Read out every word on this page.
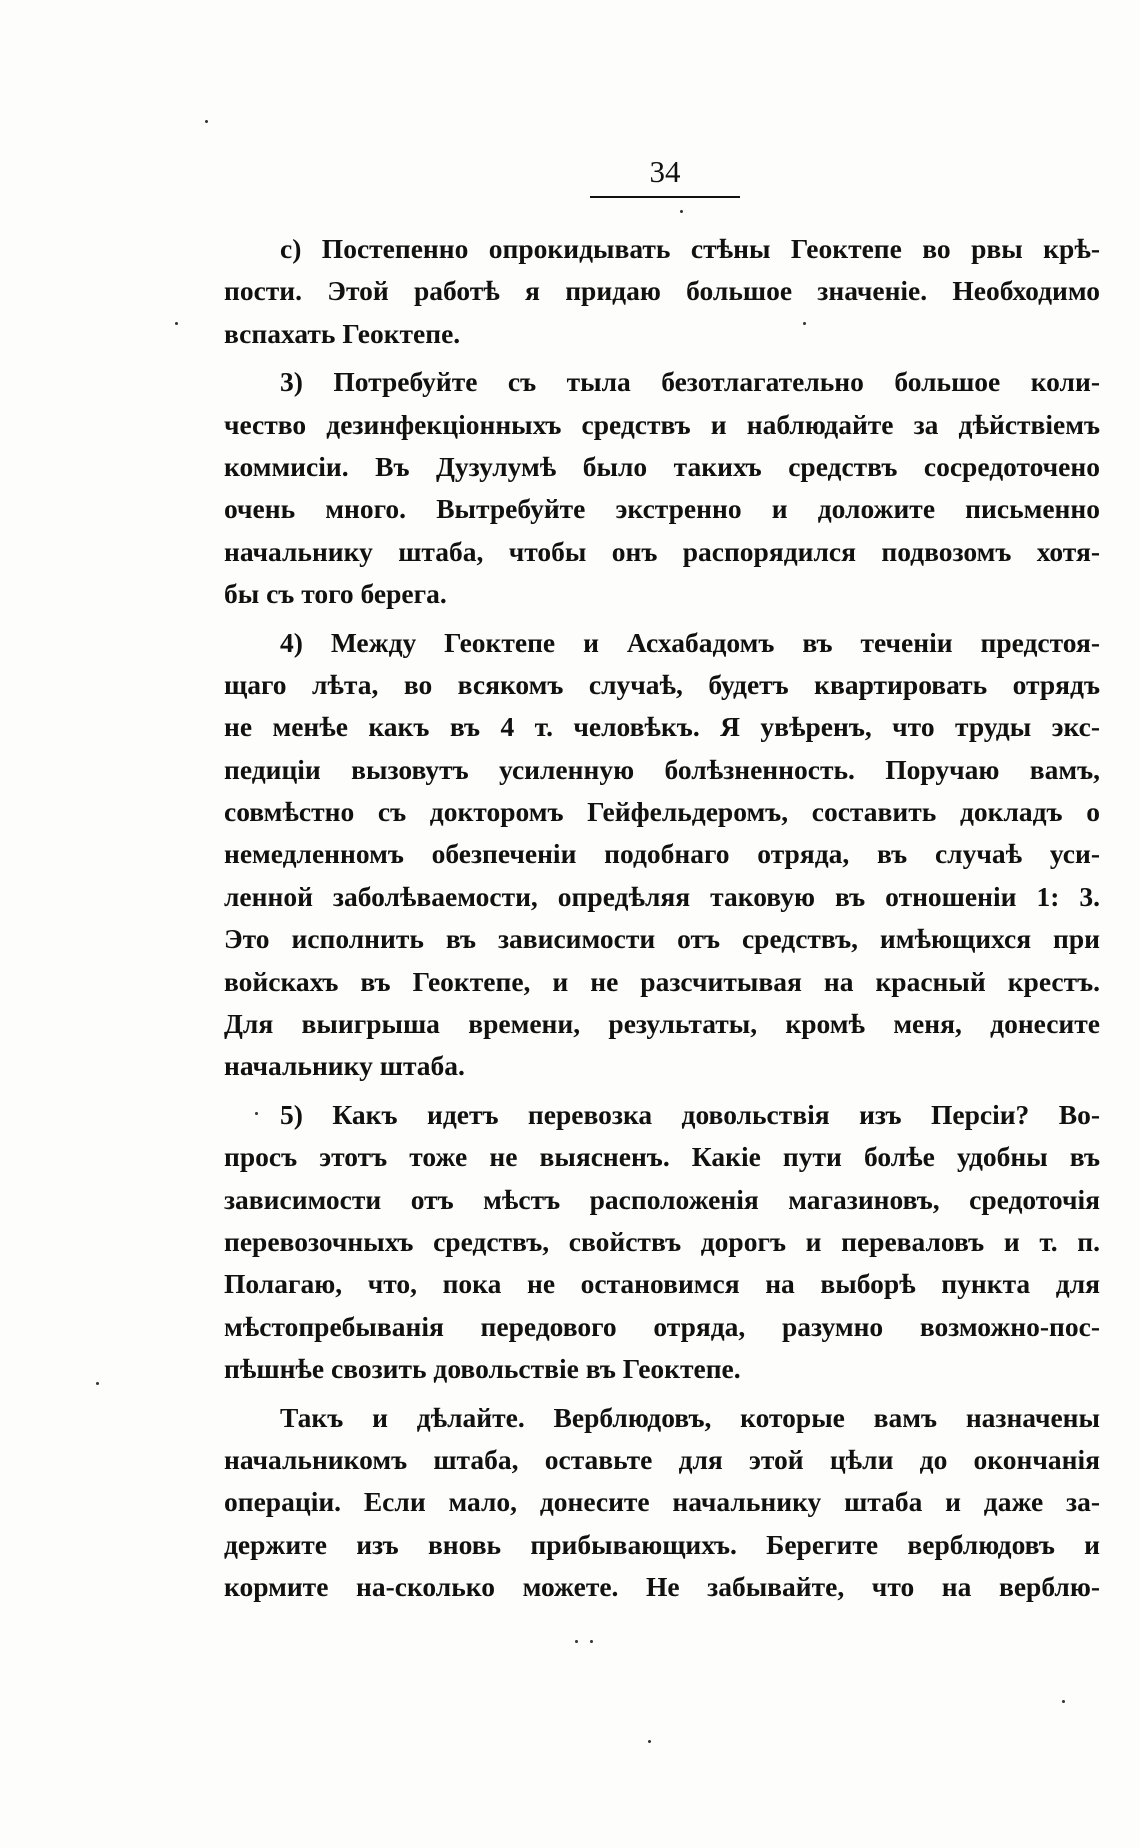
34
c) Постепенно опрокидывать стѣны Геоктепе во рвы крѣ-
пости. Этой работѣ я придаю большое значеніе. Необходимо
вспахать Геоктепе.
3) Потребуйте съ тыла безотлагательно большое коли-
чество дезинфекціонныхъ средствъ и наблюдайте за дѣйствіемъ
коммисіи. Въ Дузулумѣ было такихъ средствъ сосредоточено
очень много. Вытребуйте экстренно и доложите письменно
начальнику штаба, чтобы онъ распорядился подвозомъ хотя-
бы съ того берега.
4) Между Геоктепе и Асхабадомъ въ теченіи предстоя-
щаго лѣта, во всякомъ случаѣ, будетъ квартировать отрядъ
не менѣе какъ въ 4 т. человѣкъ. Я увѣренъ, что труды экс-
педиціи вызовутъ усиленную болѣзненность. Поручаю вамъ,
совмѣстно съ докторомъ Гейфельдеромъ, составить докладъ о
немедленномъ обезпеченіи подобнаго отряда, въ случаѣ уси-
ленной заболѣваемости, опредѣляя таковую въ отношеніи 1: 3.
Это исполнить въ зависимости отъ средствъ, имѣющихся при
войскахъ въ Геоктепе, и не разсчитывая на красный крестъ.
Для выигрыша времени, результаты, кромѣ меня, донесите
начальнику штаба.
5) Какъ идетъ перевозка довольствія изъ Персіи? Во-
просъ этотъ тоже не выясненъ. Какіе пути болѣе удобны въ
зависимости отъ мѣстъ расположенія магазиновъ, средоточія
перевозочныхъ средствъ, свойствъ дорогъ и переваловъ и т. п.
Полагаю, что, пока не остановимся на выборѣ пункта для
мѣстопребыванія передового отряда, разумно возможно-пос-
пѣшнѣе свозить довольствіе въ Геоктепе.
Такъ и дѣлайте. Верблюдовъ, которые вамъ назначены
начальникомъ штаба, оставьте для этой цѣли до окончанія
операціи. Если мало, донесите начальнику штаба и даже за-
держите изъ вновь прибывающихъ. Берегите верблюдовъ и
кормите на-сколько можете. Не забывайте, что на верблю-
